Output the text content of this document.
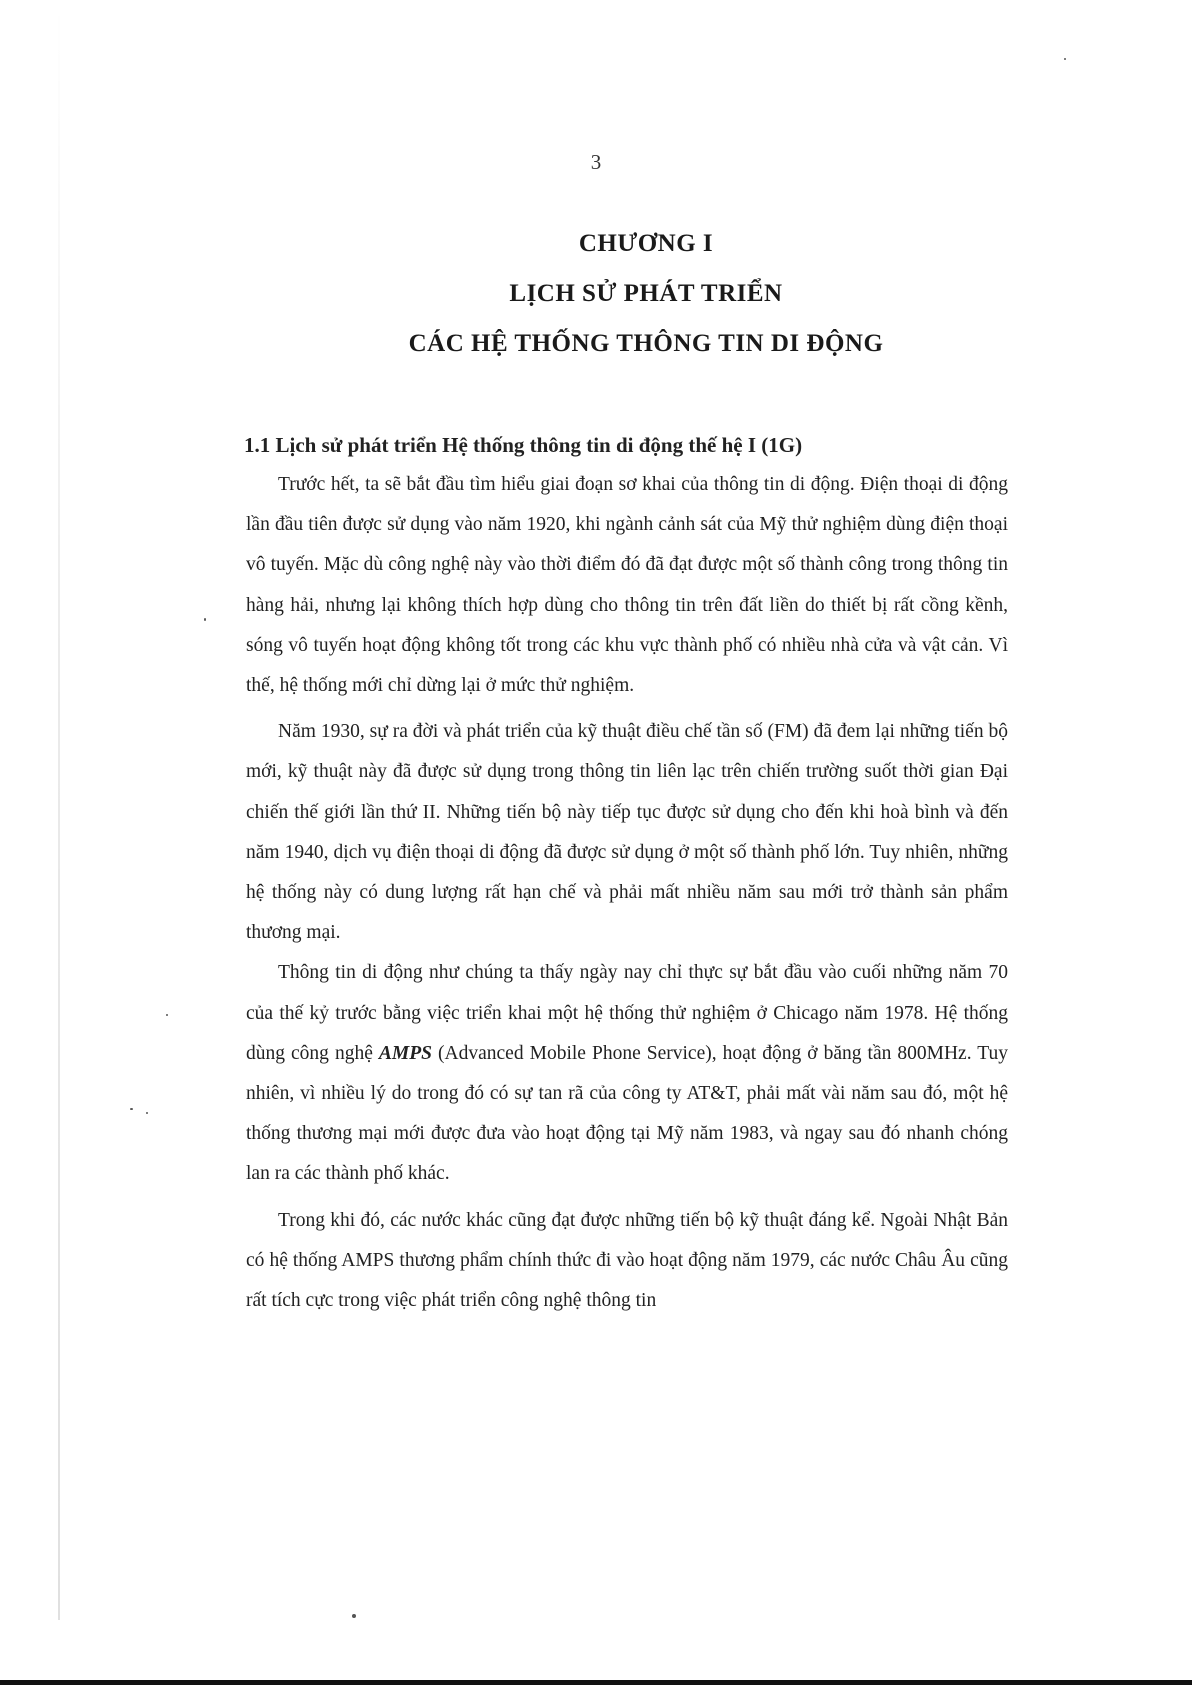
3
CHƯƠNG I
LỊCH SỬ PHÁT TRIỂN
CÁC HỆ THỐNG THÔNG TIN DI ĐỘNG

1.1 Lịch sử phát triển Hệ thống thông tin di động thế hệ I (1G)

Trước hết, ta sẽ bắt đầu tìm hiểu giai đoạn sơ khai của thông tin di động. Điện thoại di động lần đầu tiên được sử dụng vào năm 1920, khi ngành cảnh sát của Mỹ thử nghiệm dùng điện thoại vô tuyến. Mặc dù công nghệ này vào thời điểm đó đã đạt được một số thành công trong thông tin hàng hải, nhưng lại không thích hợp dùng cho thông tin trên đất liền do thiết bị rất cồng kềnh, sóng vô tuyến hoạt động không tốt trong các khu vực thành phố có nhiều nhà cửa và vật cản. Vì thế, hệ thống mới chỉ dừng lại ở mức thử nghiệm.

Năm 1930, sự ra đời và phát triển của kỹ thuật điều chế tần số (FM) đã đem lại những tiến bộ mới, kỹ thuật này đã được sử dụng trong thông tin liên lạc trên chiến trường suốt thời gian Đại chiến thế giới lần thứ II. Những tiến bộ này tiếp tục được sử dụng cho đến khi hoà bình và đến năm 1940, dịch vụ điện thoại di động đã được sử dụng ở một số thành phố lớn. Tuy nhiên, những hệ thống này có dung lượng rất hạn chế và phải mất nhiều năm sau mới trở thành sản phẩm thương mại.

Thông tin di động như chúng ta thấy ngày nay chỉ thực sự bắt đầu vào cuối những năm 70 của thế kỷ trước bằng việc triển khai một hệ thống thử nghiệm ở Chicago năm 1978. Hệ thống dùng công nghệ AMPS (Advanced Mobile Phone Service), hoạt động ở băng tần 800MHz. Tuy nhiên, vì nhiều lý do trong đó có sự tan rã của công ty AT&T, phải mất vài năm sau đó, một hệ thống thương mại mới được đưa vào hoạt động tại Mỹ năm 1983, và ngay sau đó nhanh chóng lan ra các thành phố khác.

Trong khi đó, các nước khác cũng đạt được những tiến bộ kỹ thuật đáng kể. Ngoài Nhật Bản có hệ thống AMPS thương phẩm chính thức đi vào hoạt động năm 1979, các nước Châu Âu cũng rất tích cực trong việc phát triển công nghệ thông tin
